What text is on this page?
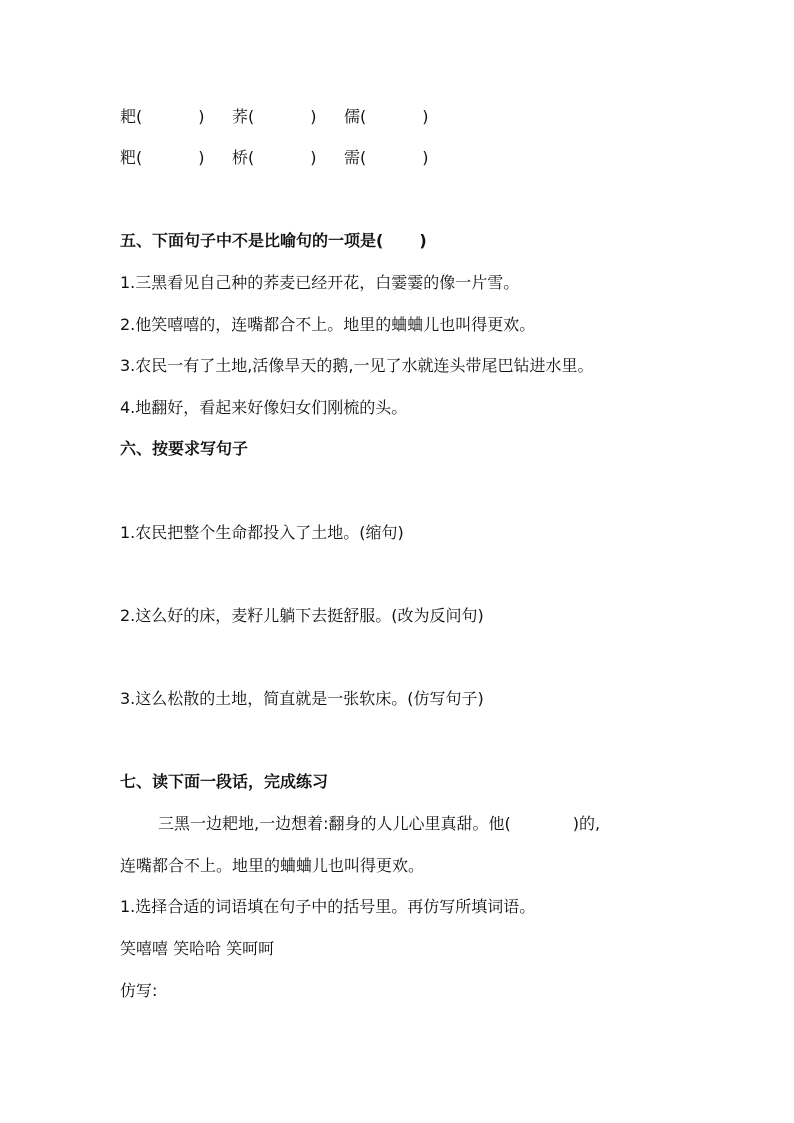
耙(	) 荞(	) 儒(	)
粑(	) 桥(	) 需(	)
五、下面句子中不是比喻句的一项是( )
1.三黑看见自己种的荞麦已经开花，白霎霎的像一片雪。
2.他笑嘻嘻的，连嘴都合不上。地里的蛐蛐儿也叫得更欢。
3.农民一有了土地,活像旱天的鹅,一见了水就连头带尾巴钻进水里。
4.地翻好，看起来好像妇女们刚梳的头。
六、按要求写句子
1.农民把整个生命都投入了土地。(缩句)
2.这么好的床，麦籽儿躺下去挺舒服。(改为反问句)
3.这么松散的土地，简直就是一张软床。(仿写句子)
七、读下面一段话，完成练习
三黑一边耙地,一边想着:翻身的人儿心里真甜。他(	)的,
连嘴都合不上。地里的蛐蛐儿也叫得更欢。
1.选择合适的词语填在句子中的括号里。再仿写所填词语。
笑嘻嘻 笑哈哈 笑呵呵
仿写:
